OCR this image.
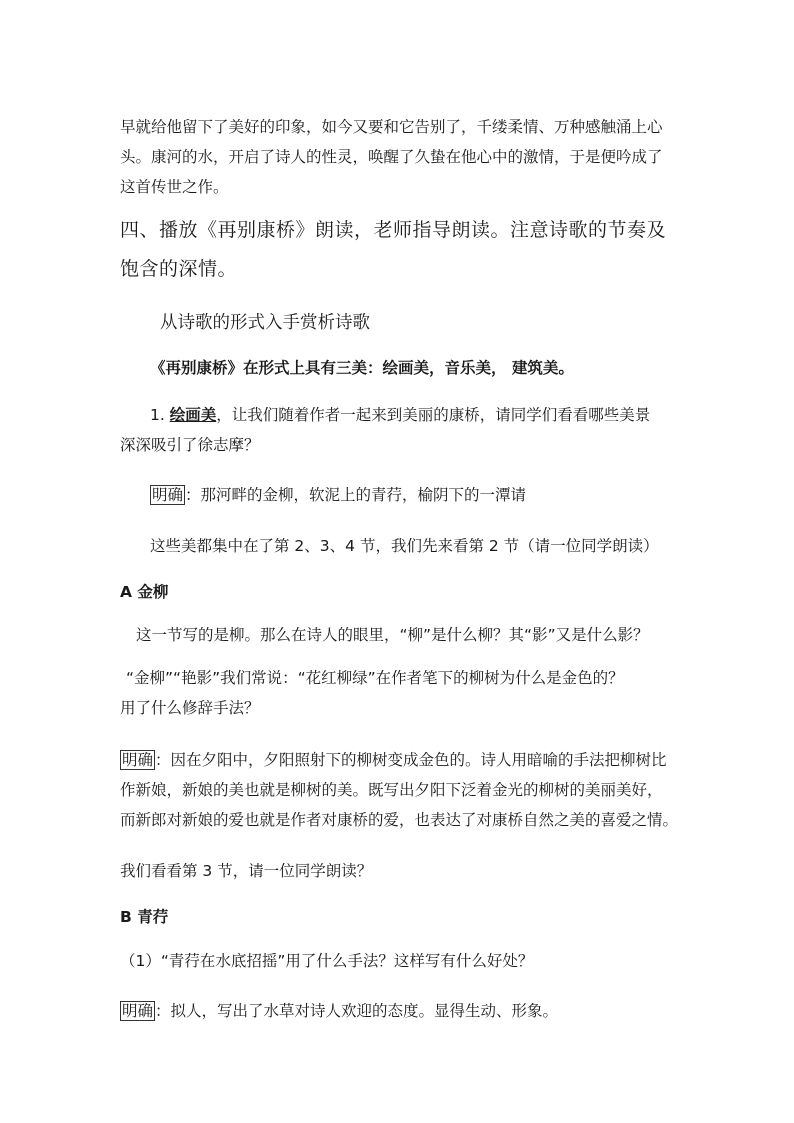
早就给他留下了美好的印象，如今又要和它告别了，千缕柔情、万种感触涌上心

头。康河的水，开启了诗人的性灵，唤醒了久蛰在他心中的激情，于是便吟成了

这首传世之作。

四、播放《再别康桥》朗读，老师指导朗读。注意诗歌的节奏及

饱含的深情。

从诗歌的形式入手赏析诗歌

《再别康桥》在形式上具有三美：绘画美，音乐美， 建筑美。

1. 绘画美，让我们随着作者一起来到美丽的康桥，请同学们看看哪些美景

深深吸引了徐志摩？

明确 ：那河畔的金柳，软泥上的青荇，榆阴下的一潭请

这些美都集中在了第 2、3、4 节，我们先来看第 2 节（请一位同学朗读）

A 金柳

这一节写的是柳。那么在诗人的眼里，“柳”是什么柳？其“影”又是什么影？

“金柳”“艳影”我们常说：“花红柳绿”在作者笔下的柳树为什么是金色的？

用了什么修辞手法？

明确 ：因在夕阳中，夕阳照射下的柳树变成金色的。诗人用暗喻的手法把柳树比

作新娘，新娘的美也就是柳树的美。既写出夕阳下泛着金光的柳树的美丽美好，

而新郎对新娘的爱也就是作者对康桥的爱，也表达了对康桥自然之美的喜爱之情。

我们看看第 3 节，请一位同学朗读？

B 青荇

（1）“青荇在水底招摇”用了什么手法？这样写有什么好处？

明确 ：拟人，写出了水草对诗人欢迎的态度。显得生动、形象。
